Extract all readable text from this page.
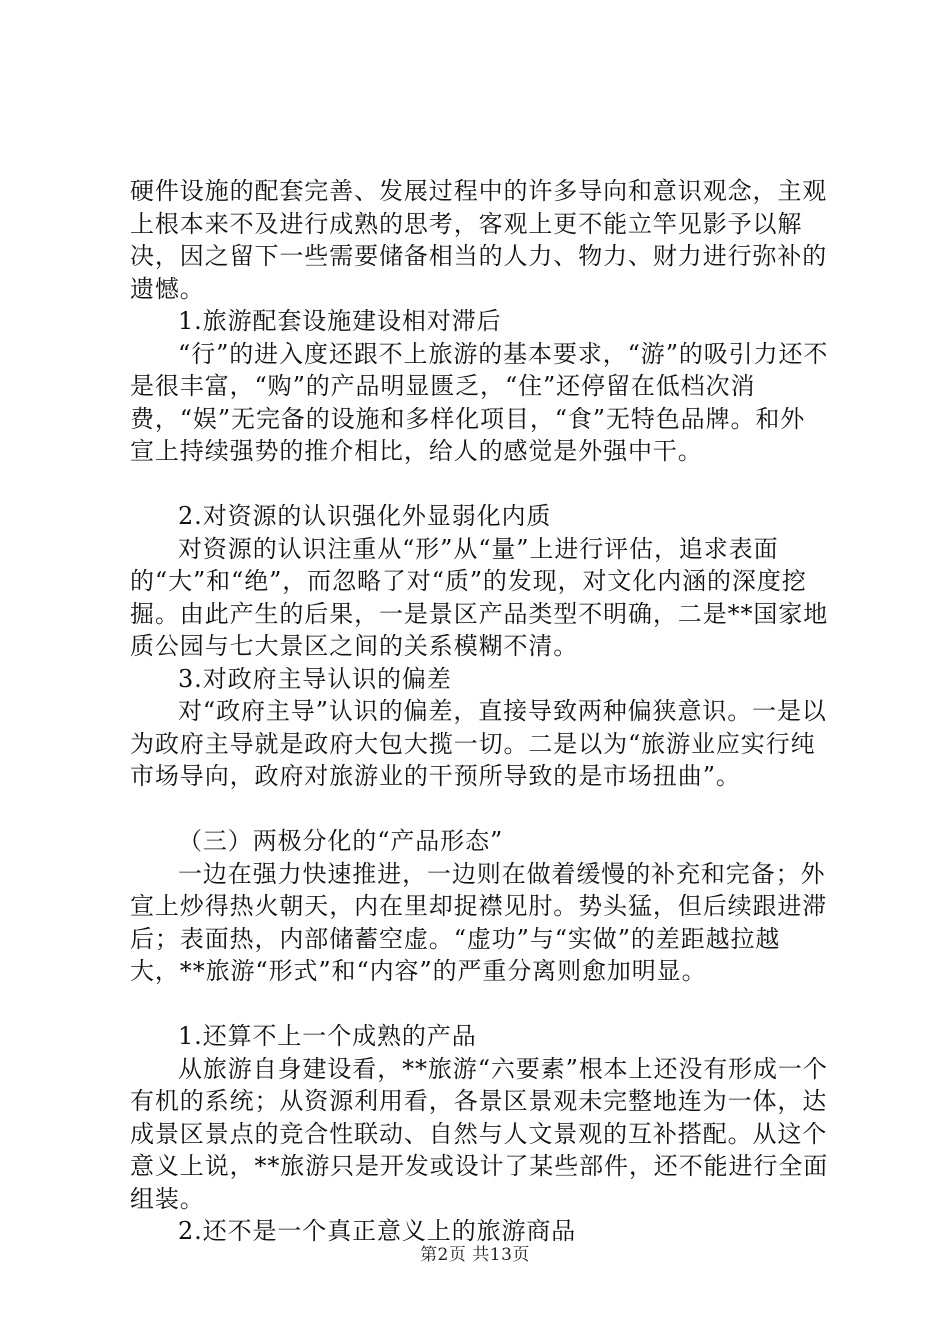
硬件设施的配套完善、发展过程中的许多导向和意识观念，主观上根本来不及进行成熟的思考，客观上更不能立竿见影予以解决，因之留下一些需要储备相当的人力、物力、财力进行弥补的遗憾。

1.旅游配套设施建设相对滞后

“行”的进入度还跟不上旅游的基本要求，“游”的吸引力还不是很丰富，“购”的产品明显匮乏，“住”还停留在低档次消费，“娱”无完备的设施和多样化项目，“食”无特色品牌。和外宣上持续强势的推介相比，给人的感觉是外强中干。

2.对资源的认识强化外显弱化内质

对资源的认识注重从“形”从“量”上进行评估，追求表面的“大”和“绝”，而忽略了对“质”的发现，对文化内涵的深度挖掘。由此产生的后果，一是景区产品类型不明确，二是**国家地质公园与七大景区之间的关系模糊不清。

3.对政府主导认识的偏差

对“政府主导”认识的偏差，直接导致两种偏狭意识。一是以为政府主导就是政府大包大揽一切。二是以为“旅游业应实行纯市场导向，政府对旅游业的干预所导致的是市场扭曲”。

（三）两极分化的“产品形态”

一边在强力快速推进，一边则在做着缓慢的补充和完备；外宣上炒得热火朝天，内在里却捉襟见肘。势头猛，但后续跟进滞后；表面热，内部储蓄空虚。“虚功”与“实做”的差距越拉越大，**旅游“形式”和“内容”的严重分离则愈加明显。

1.还算不上一个成熟的产品

从旅游自身建设看，**旅游“六要素”根本上还没有形成一个有机的系统；从资源利用看，各景区景观未完整地连为一体，达成景区景点的竞合性联动、自然与人文景观的互补搭配。从这个意义上说，**旅游只是开发或设计了某些部件，还不能进行全面组装。

2.还不是一个真正意义上的旅游商品

第2页 共13页
